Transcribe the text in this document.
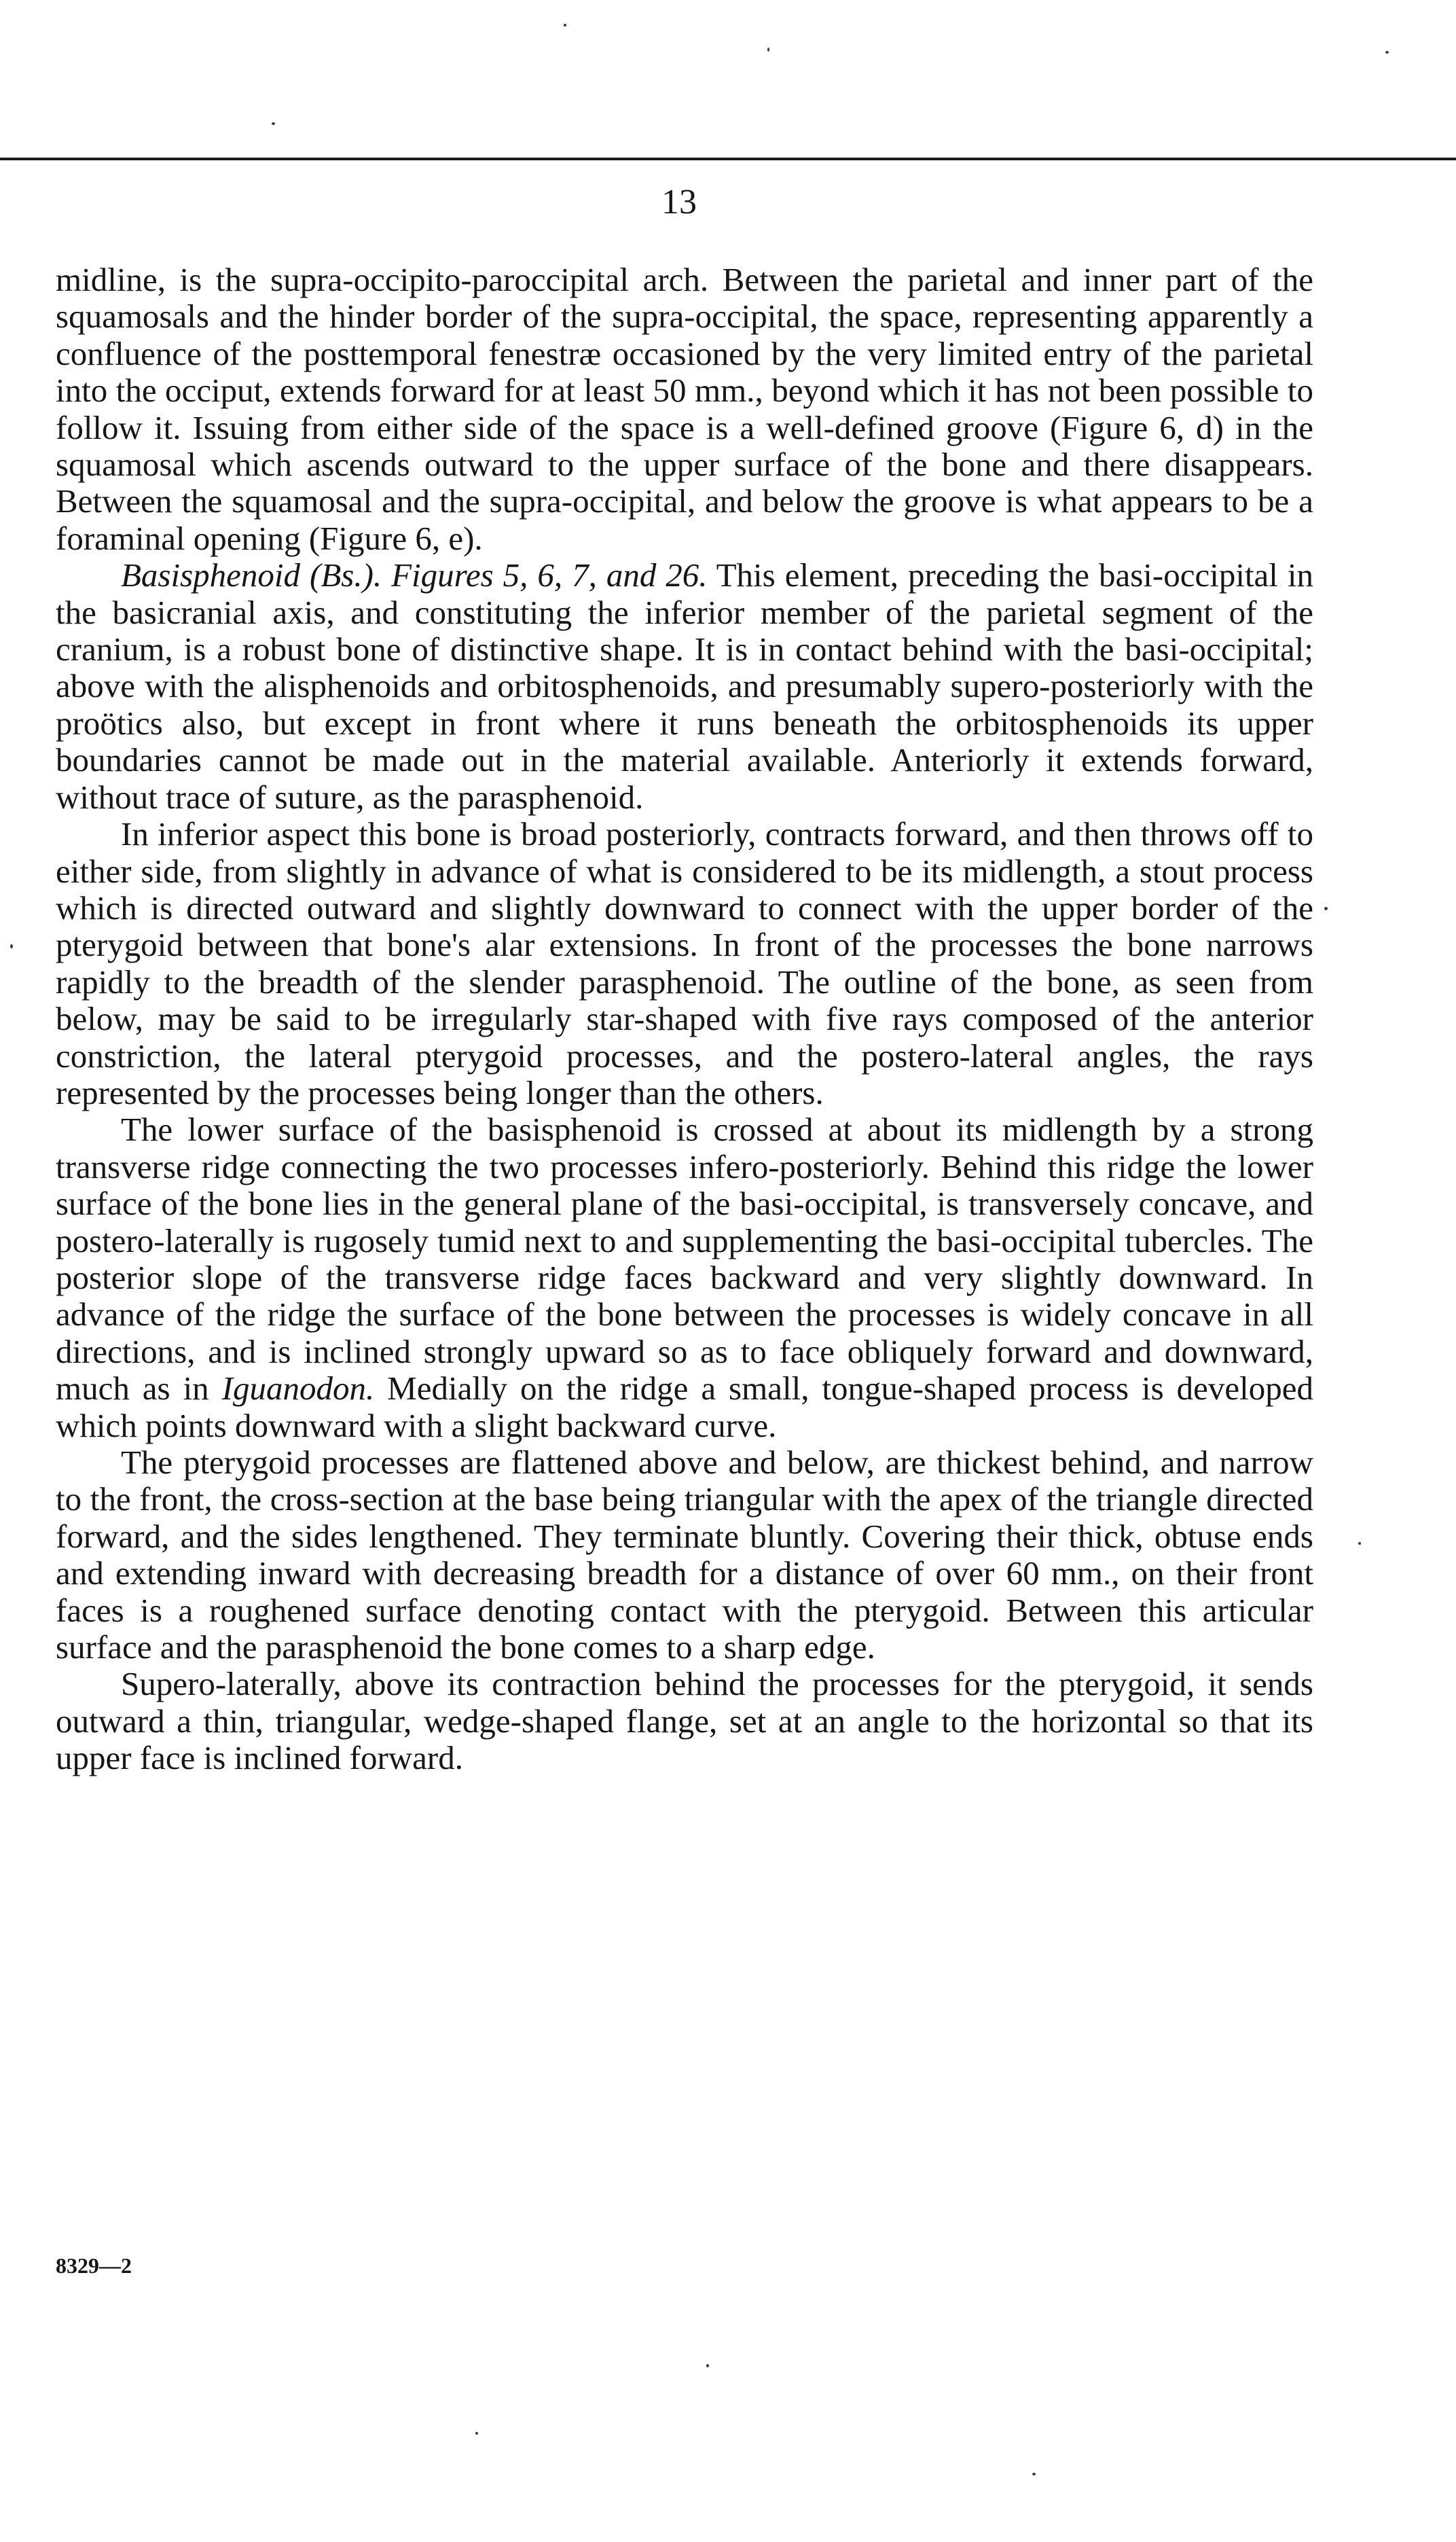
13

midline, is the supra-occipito-paroccipital arch. Between the parietal and inner part of the squamosals and the hinder border of the supra-occipital, the space, representing apparently a confluence of the posttemporal fenestræ occasioned by the very limited entry of the parietal into the occiput, extends forward for at least 50 mm., beyond which it has not been possible to follow it. Issuing from either side of the space is a well-defined groove (Figure 6, d) in the squamosal which ascends outward to the upper surface of the bone and there disappears. Between the squamosal and the supra-occipital, and below the groove is what appears to be a foraminal opening (Figure 6, e).

Basisphenoid (Bs.). Figures 5, 6, 7, and 26. This element, preceding the basi-occipital in the basicranial axis, and constituting the inferior member of the parietal segment of the cranium, is a robust bone of distinctive shape. It is in contact behind with the basi-occipital; above with the alisphenoids and orbitosphenoids, and presumably supero-posteriorly with the proötics also, but except in front where it runs beneath the orbitosphenoids its upper boundaries cannot be made out in the material available. Anteriorly it extends forward, without trace of suture, as the parasphenoid.

In inferior aspect this bone is broad posteriorly, contracts forward, and then throws off to either side, from slightly in advance of what is considered to be its midlength, a stout process which is directed outward and slightly downward to connect with the upper border of the pterygoid between that bone's alar extensions. In front of the processes the bone narrows rapidly to the breadth of the slender parasphenoid. The outline of the bone, as seen from below, may be said to be irregularly star-shaped with five rays composed of the anterior constriction, the lateral pterygoid processes, and the postero-lateral angles, the rays represented by the processes being longer than the others.

The lower surface of the basisphenoid is crossed at about its midlength by a strong transverse ridge connecting the two processes infero-posteriorly. Behind this ridge the lower surface of the bone lies in the general plane of the basi-occipital, is transversely concave, and postero-laterally is rugosely tumid next to and supplementing the basi-occipital tubercles. The posterior slope of the transverse ridge faces backward and very slightly downward. In advance of the ridge the surface of the bone between the processes is widely concave in all directions, and is inclined strongly upward so as to face obliquely forward and downward, much as in Iguanodon. Medially on the ridge a small, tongue-shaped process is developed which points downward with a slight backward curve.

The pterygoid processes are flattened above and below, are thickest behind, and narrow to the front, the cross-section at the base being triangular with the apex of the triangle directed forward, and the sides lengthened. They terminate bluntly. Covering their thick, obtuse ends and extending inward with decreasing breadth for a distance of over 60 mm., on their front faces is a roughened surface denoting contact with the pterygoid. Between this articular surface and the parasphenoid the bone comes to a sharp edge.

Supero-laterally, above its contraction behind the processes for the pterygoid, it sends outward a thin, triangular, wedge-shaped flange, set at an angle to the horizontal so that its upper face is inclined forward.

8329—2
